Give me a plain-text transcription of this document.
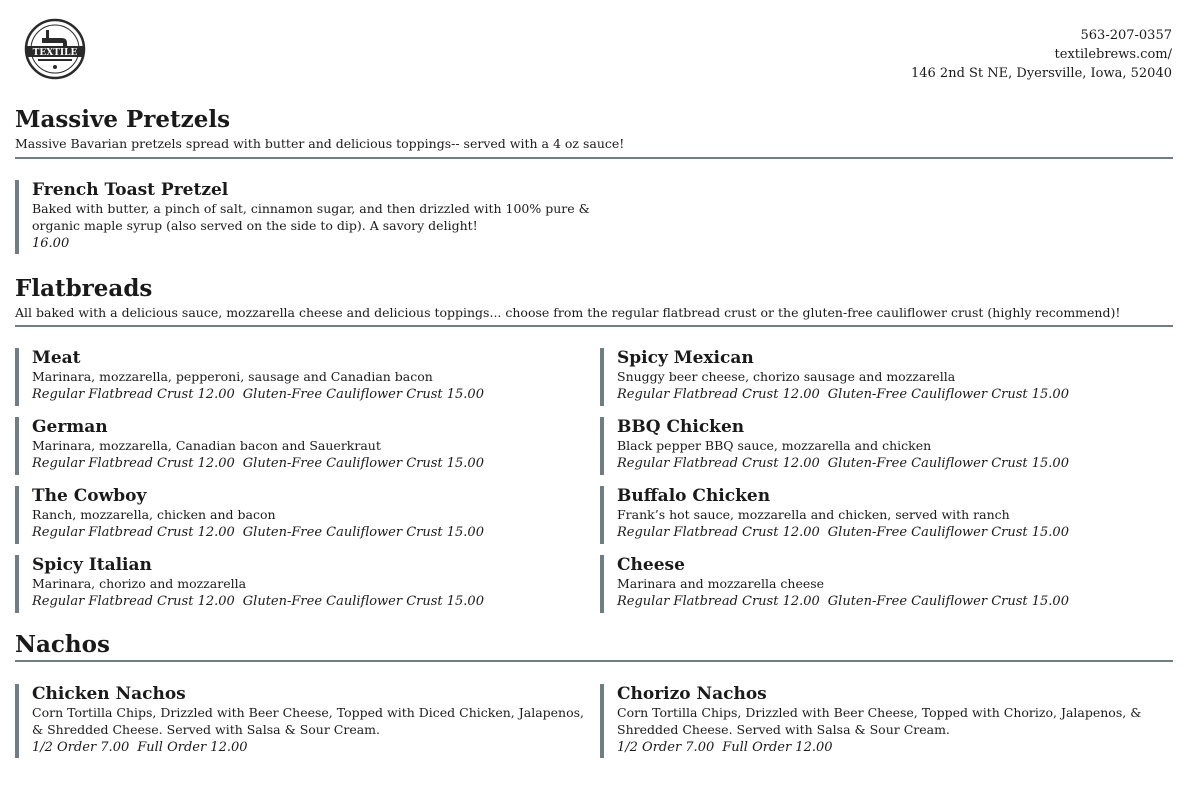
TEXTILE
563-207-0357
textilebrews.com/
146 2nd St NE, Dyersville, Iowa, 52040
Massive Pretzels
Massive Bavarian pretzels spread with butter and delicious toppings-- served with a 4 oz sauce!
French Toast Pretzel
Baked with butter, a pinch of salt, cinnamon sugar, and then drizzled with 100% pure & organic maple syrup (also served on the side to dip). A savory delight!
16.00
Flatbreads
All baked with a delicious sauce, mozzarella cheese and delicious toppings... choose from the regular flatbread crust or the gluten-free cauliflower crust (highly recommend)!
Meat
Marinara, mozzarella, pepperoni, sausage and Canadian bacon
Regular Flatbread Crust 12.00 Gluten-Free Cauliflower Crust 15.00
German
Marinara, mozzarella, Canadian bacon and Sauerkraut
Regular Flatbread Crust 12.00 Gluten-Free Cauliflower Crust 15.00
The Cowboy
Ranch, mozzarella, chicken and bacon
Regular Flatbread Crust 12.00 Gluten-Free Cauliflower Crust 15.00
Spicy Italian
Marinara, chorizo and mozzarella
Regular Flatbread Crust 12.00 Gluten-Free Cauliflower Crust 15.00
Spicy Mexican
Snuggy beer cheese, chorizo sausage and mozzarella
Regular Flatbread Crust 12.00 Gluten-Free Cauliflower Crust 15.00
BBQ Chicken
Black pepper BBQ sauce, mozzarella and chicken
Regular Flatbread Crust 12.00 Gluten-Free Cauliflower Crust 15.00
Buffalo Chicken
Frank’s hot sauce, mozzarella and chicken, served with ranch
Regular Flatbread Crust 12.00 Gluten-Free Cauliflower Crust 15.00
Cheese
Marinara and mozzarella cheese
Regular Flatbread Crust 12.00 Gluten-Free Cauliflower Crust 15.00
Nachos
Chicken Nachos
Corn Tortilla Chips, Drizzled with Beer Cheese, Topped with Diced Chicken, Jalapenos, & Shredded Cheese. Served with Salsa & Sour Cream.
1/2 Order 7.00 Full Order 12.00
Chorizo Nachos
Corn Tortilla Chips, Drizzled with Beer Cheese, Topped with Chorizo, Jalapenos, & Shredded Cheese. Served with Salsa & Sour Cream.
1/2 Order 7.00 Full Order 12.00
